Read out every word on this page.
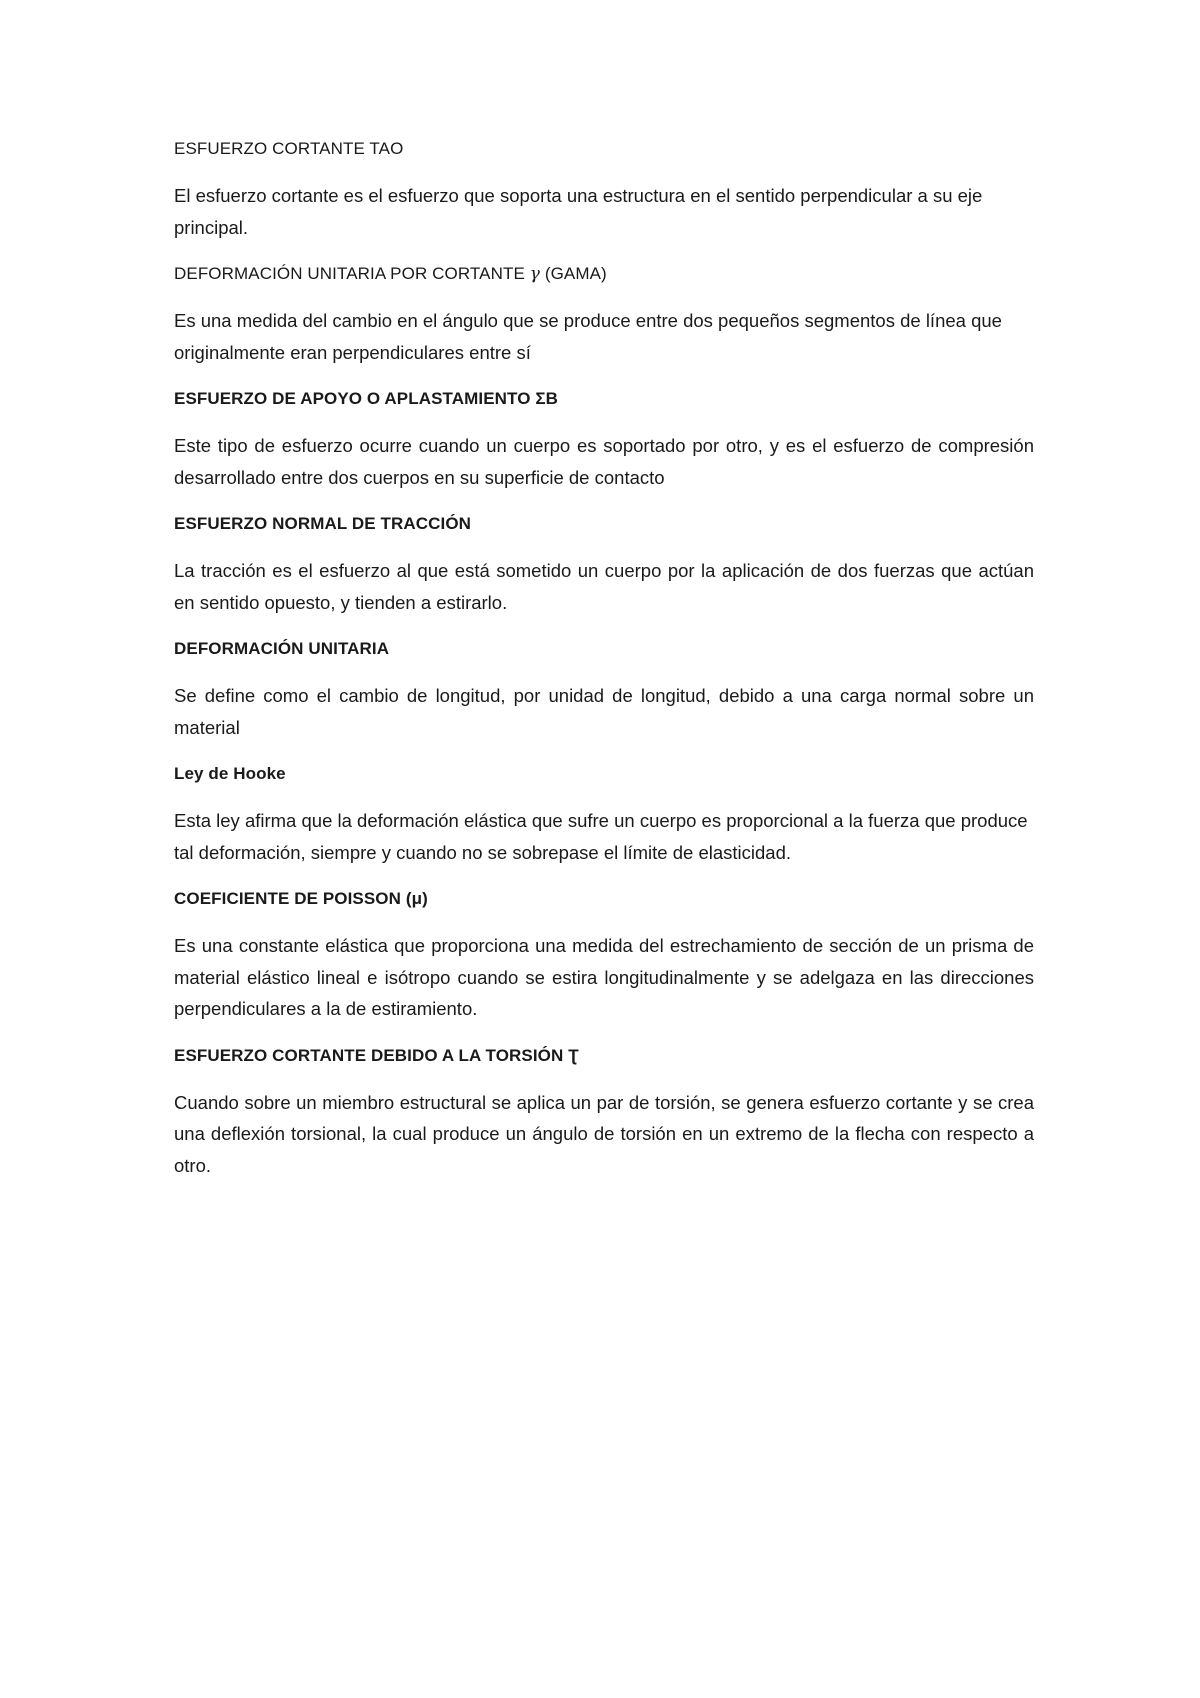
ESFUERZO CORTANTE TAO

El esfuerzo cortante es el esfuerzo que soporta una estructura en el sentido perpendicular a su eje principal.

DEFORMACIÓN UNITARIA POR CORTANTE γ (GAMA)

Es una medida del cambio en el ángulo que se produce entre dos pequeños segmentos de línea que originalmente eran perpendiculares entre sí

ESFUERZO DE APOYO O APLASTAMIENTO ΣB

Este tipo de esfuerzo ocurre cuando un cuerpo es soportado por otro, y es el esfuerzo de compresión desarrollado entre dos cuerpos en su superficie de contacto

ESFUERZO NORMAL DE TRACCIÓN

La tracción es el esfuerzo al que está sometido un cuerpo por la aplicación de dos fuerzas que actúan en sentido opuesto, y tienden a estirarlo.

DEFORMACIÓN UNITARIA

Se define como el cambio de longitud, por unidad de longitud, debido a una carga normal sobre un material

Ley de Hooke

Esta ley afirma que la deformación elástica que sufre un cuerpo es proporcional a la fuerza que produce tal deformación, siempre y cuando no se sobrepase el límite de elasticidad.

COEFICIENTE DE POISSON (μ)

Es una constante elástica que proporciona una medida del estrechamiento de sección de un prisma de material elástico lineal e isótropo cuando se estira longitudinalmente y se adelgaza en las direcciones perpendiculares a la de estiramiento.

ESFUERZO CORTANTE DEBIDO A LA TORSIÓN Ʈ

Cuando sobre un miembro estructural se aplica un par de torsión, se genera esfuerzo cortante y se crea una deflexión torsional, la cual produce un ángulo de torsión en un extremo de la flecha con respecto a otro.
